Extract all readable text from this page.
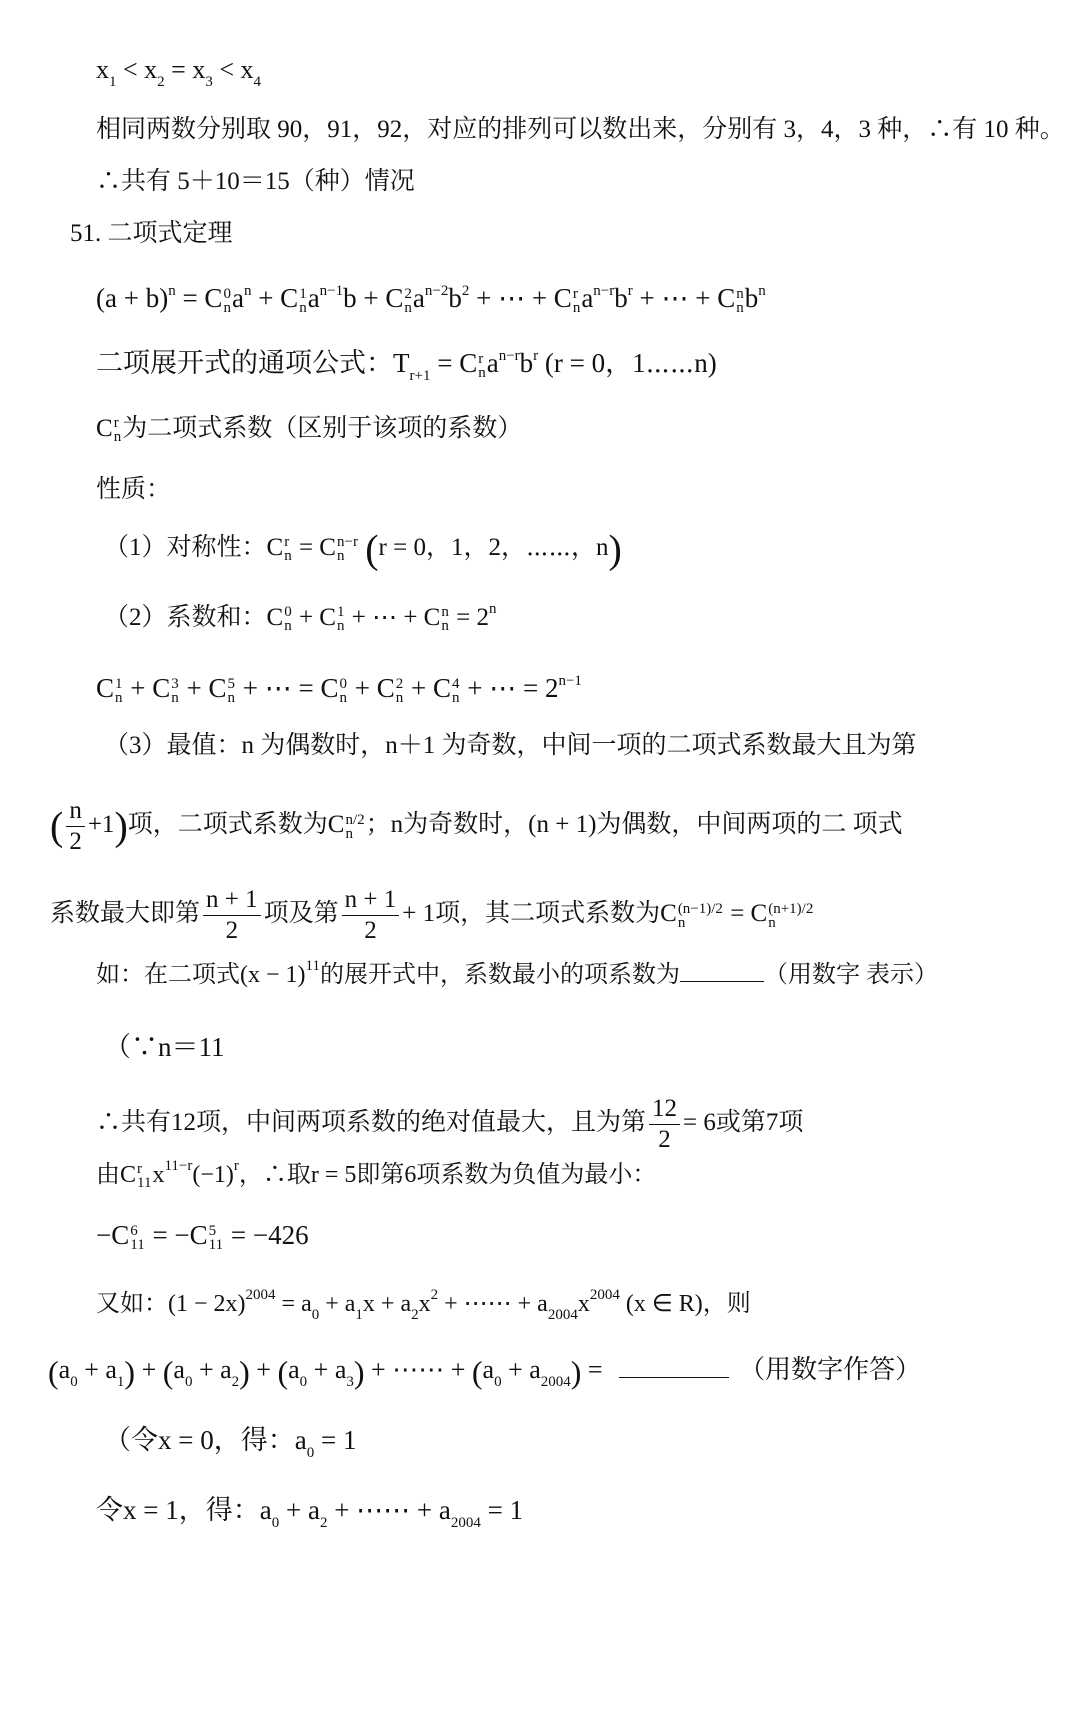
$x_1 < x_2 = x_3 < x_4$
相同两数分别取 90，91，92，对应的排列可以数出来，分别有 3，4，3 种，∴有 10 种。
∴共有 5＋10＝15（种）情况
51. 二项式定理
$(a + b)^n = C$ 0
n $a^n + C$ 1
n $a^{n-1}b + C$ 2
n $a^{n-2}b^2$ + ⋯ + C r
n $a^{n-r}b^r$ + ⋯ + C n
n $b^n$
二项展开式的通项公式：$T_{r+1} = C$ r
n $a^{n-r}b^r$ (r = 0，1⋯⋯n)
C r
n 为二项式系数（区别于该项的系数）
性质：
（1）对称性：C r
n = C n−r
n (r = 0，1，2，⋯⋯，n)
（2）系数和：C 0
n + C 1
n + ⋯ + C n
$n = 2^n$
C 1
n + C 3
n + C 5
n + ⋯ = C 0
n + C 2
n + C 4
n + ⋯ = $2^{n-1}$
（3）最值：n 为偶数时，n＋1 为奇数，中间一项的二项式系数最大且为第
( $\frac{n}{2} +1$)项，二项式系数为C n/2
n ；n为奇数时，(n + 1)为偶数，中间两项的二 项式
系数最大即第 $\frac{n + 1}{2}$ 项及第 $\frac{n + 1}{2} + 1$项，其二项式系数为C (n−1)/2
n	= C (n+1)/2
n
如：在二项式$(x - 1)^{11}$的展开式中，系数最小的项系数为	（用数字 表示）
（∵n＝11
∴共有12项，中间两项系数的绝对值最大，且为第 $\frac{12}{2} = 6$或第7项
由C r
11 $x^{11-r}(-1)^r$，∴取r = 5即第6项系数为负值为最小：
−C 6
11 = −C 5
11 = −426
又如：$(1 - 2x)^{2004} = a_0 + a_1x + a_2x^2$ + ⋯⋯ + $a_{2004}x^{2004}$ (x ∈ R)，则
$(a_0 + a_1) + (a_0 + a_2) + (a_0 + a_3)$ + ⋯⋯ + $(a_0 + a_{2004})$ =	（用数字作答）
（令x = 0，得：$a_0 = 1$
令x = 1，得：$a_0 + a_2$ + ⋯⋯ + $a_{2004} = 1$
